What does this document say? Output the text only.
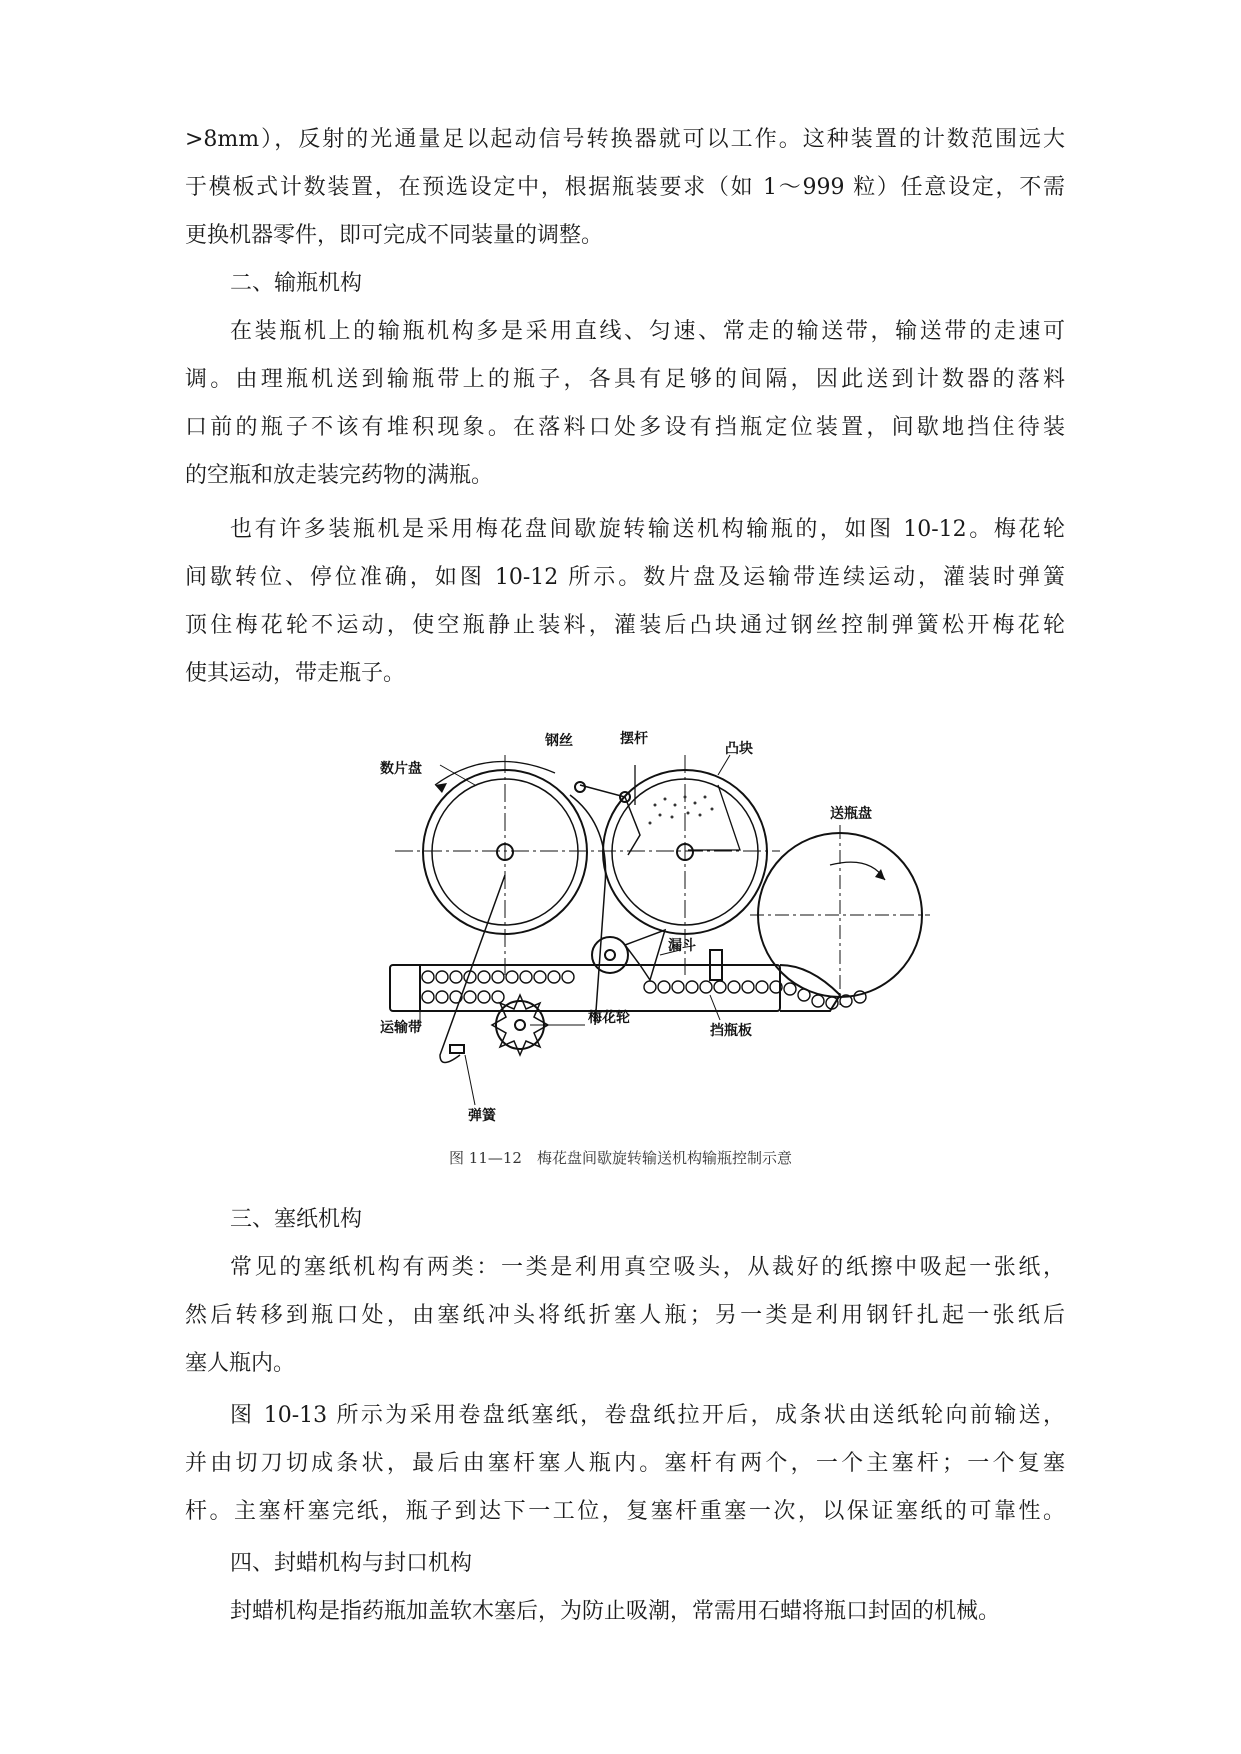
>8mm），反射的光通量足以起动信号转换器就可以工作。这种装置的计数范围远大
于模板式计数装置，在预选设定中，根据瓶装要求（如 1～999 粒）任意设定，不需
更换机器零件，即可完成不同装量的调整。
二、输瓶机构
在装瓶机上的输瓶机构多是采用直线、匀速、常走的输送带，输送带的走速可
调。由理瓶机送到输瓶带上的瓶子，各具有足够的间隔，因此送到计数器的落料
口前的瓶子不该有堆积现象。在落料口处多设有挡瓶定位装置，间歇地挡住待装
的空瓶和放走装完药物的满瓶。
也有许多装瓶机是采用梅花盘间歇旋转输送机构输瓶的，如图 10-12。梅花轮
间歇转位、停位准确，如图 10-12 所示。数片盘及运输带连续运动，灌装时弹簧
顶住梅花轮不运动，使空瓶静止装料，灌装后凸块通过钢丝控制弹簧松开梅花轮
使其运动，带走瓶子。
钢丝	摆杆
数片盘
凸块
送瓶盘
漏斗
运输带
梅花轮
挡瓶板
弹簧
图 11—12　梅花盘间歇旋转输送机构输瓶控制示意
三、塞纸机构
常见的塞纸机构有两类：一类是利用真空吸头，从裁好的纸擦中吸起一张纸，
然后转移到瓶口处，由塞纸冲头将纸折塞人瓶；另一类是利用钢钎扎起一张纸后
塞人瓶内。
图 10-13 所示为采用卷盘纸塞纸，卷盘纸拉开后，成条状由送纸轮向前输送，
并由切刀切成条状，最后由塞杆塞人瓶内。塞杆有两个，一个主塞杆；一个复塞
杆。主塞杆塞完纸，瓶子到达下一工位，复塞杆重塞一次，以保证塞纸的可靠性。
四、封蜡机构与封口机构
封蜡机构是指药瓶加盖软木塞后，为防止吸潮，常需用石蜡将瓶口封固的机械。
